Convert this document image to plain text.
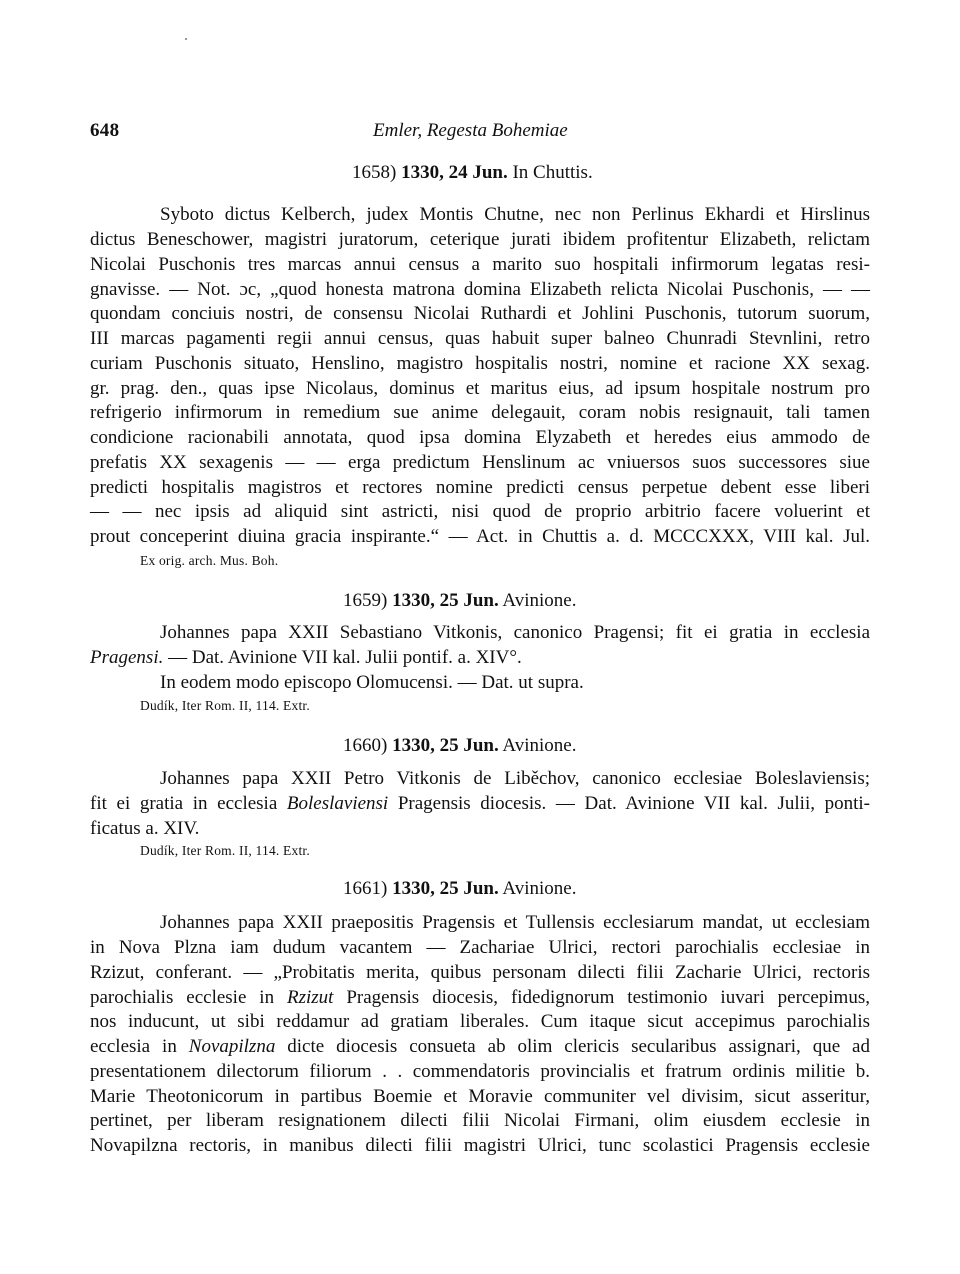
648	Emler, Regesta Bohemiae
1658) 1330, 24 Jun. In Chuttis.
Syboto dictus Kelberch, judex Montis Chutne, nec non Perlinus Ekhardi et Hirslinus
dictus Beneschower, magistri juratorum, ceterique jurati ibidem profitentur Elizabeth, relictam
Nicolai Puschonis tres marcas annui census a marito suo hospitali infirmorum legatas resi-
gnavisse. — Not. ɔc, „quod honesta matrona domina Elizabeth relicta Nicolai Puschonis, — —
quondam conciuis nostri, de consensu Nicolai Ruthardi et Johlini Puschonis, tutorum suorum,
III marcas pagamenti regii annui census, quas habuit super balneo Chunradi Stevnlini, retro
curiam Puschonis situato, Henslino, magistro hospitalis nostri, nomine et racione XX sexag.
gr. prag. den., quas ipse Nicolaus, dominus et maritus eius, ad ipsum hospitale nostrum pro
refrigerio infirmorum in remedium sue anime delegauit, coram nobis resignauit, tali tamen
condicione racionabili annotata, quod ipsa domina Elyzabeth et heredes eius ammodo de
prefatis XX sexagenis — — erga predictum Henslinum ac vniuersos suos successores siue
predicti hospitalis magistros et rectores nomine predicti census perpetue debent esse liberi
— — nec ipsis ad aliquid sint astricti, nisi quod de proprio arbitrio facere voluerint et
prout conceperint diuina gracia inspirante.“ — Act. in Chuttis a. d. MCCCXXX, VIII kal. Jul.
Ex orig. arch. Mus. Boh.
1659) 1330, 25 Jun. Avinione.
Johannes papa XXII Sebastiano Vitkonis, canonico Pragensi; fit ei gratia in ecclesia
Pragensi. — Dat. Avinione VII kal. Julii pontif. a. XIV°.
In eodem modo episcopo Olomucensi. — Dat. ut supra.
Dudík, Iter Rom. II, 114. Extr.
1660) 1330, 25 Jun. Avinione.
Johannes papa XXII Petro Vitkonis de Liběchov, canonico ecclesiae Boleslaviensis;
fit ei gratia in ecclesia Boleslaviensi Pragensis diocesis. — Dat. Avinione VII kal. Julii, ponti-
ficatus a. XIV.
Dudík, Iter Rom. II, 114. Extr.
1661) 1330, 25 Jun. Avinione.
Johannes papa XXII praepositis Pragensis et Tullensis ecclesiarum mandat, ut ecclesiam
in Nova Plzna iam dudum vacantem — Zachariae Ulrici, rectori parochialis ecclesiae in
Rzizut, conferant. — „Probitatis merita, quibus personam dilecti filii Zacharie Ulrici, rectoris
parochialis ecclesie in Rzizut Pragensis diocesis, fidedignorum testimonio iuvari percepimus,
nos inducunt, ut sibi reddamur ad gratiam liberales. Cum itaque sicut accepimus parochialis
ecclesia in Novapilzna dicte diocesis consueta ab olim clericis secularibus assignari, que ad
presentationem dilectorum filiorum . . commendatoris provincialis et fratrum ordinis militie b.
Marie Theotonicorum in partibus Boemie et Moravie communiter vel divisim, sicut asseritur,
pertinet, per liberam resignationem dilecti filii Nicolai Firmani, olim eiusdem ecclesie in
Novapilzna rectoris, in manibus dilecti filii magistri Ulrici, tunc scolastici Pragensis ecclesie
